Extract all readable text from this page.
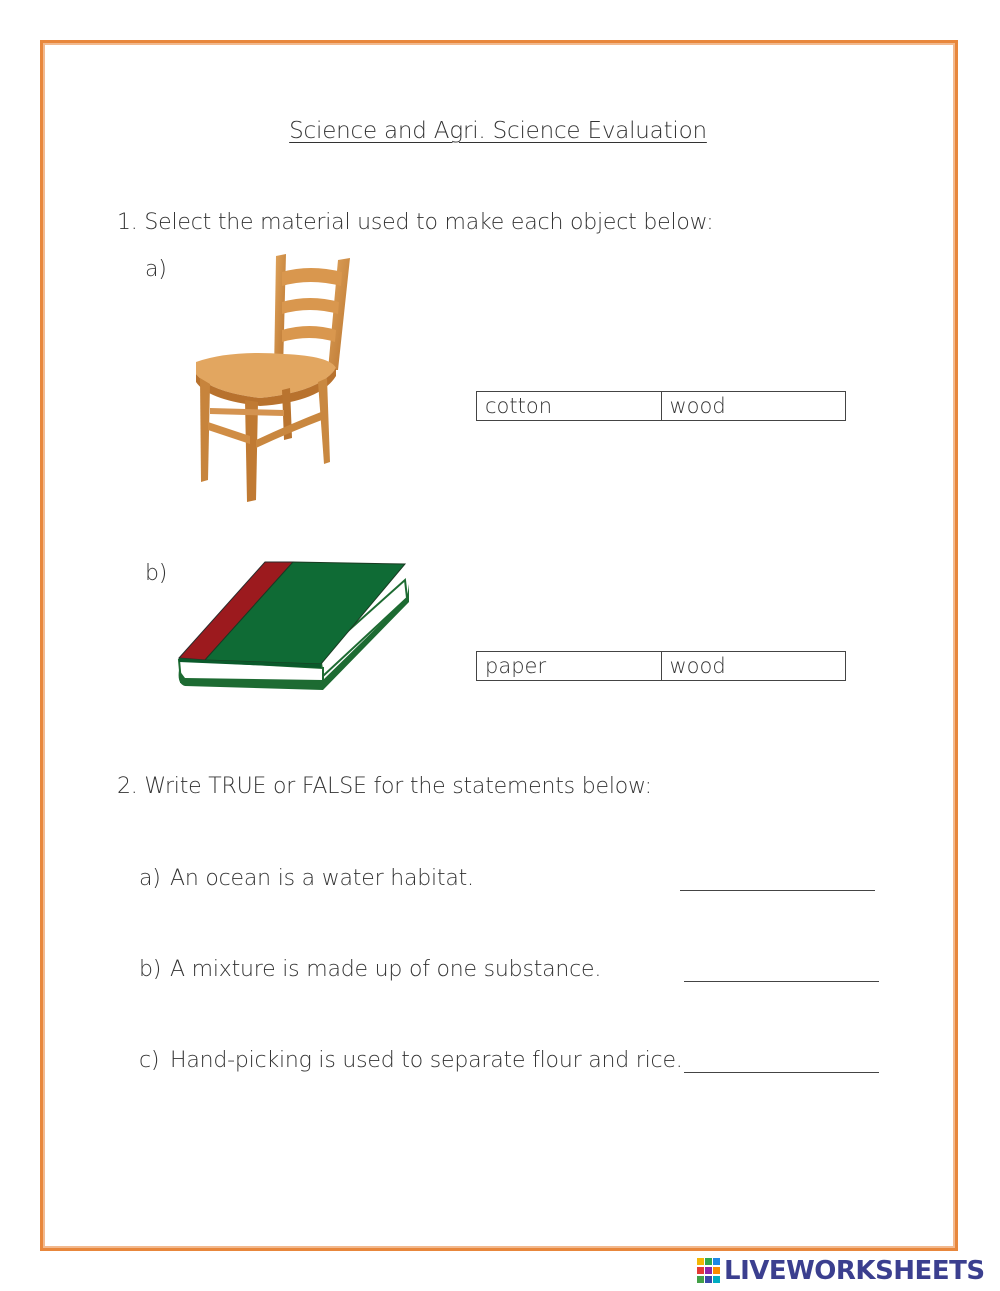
Science and Agri. Science Evaluation
1. Select the material used to make each object below:
a)
cotton	wood
b)
paper	wood
2. Write TRUE or FALSE for the statements below:
a) An ocean is a water habitat.
b) A mixture is made up of one substance.
c) Hand-picking is used to separate flour and rice.
LIVEWORKSHEETS
